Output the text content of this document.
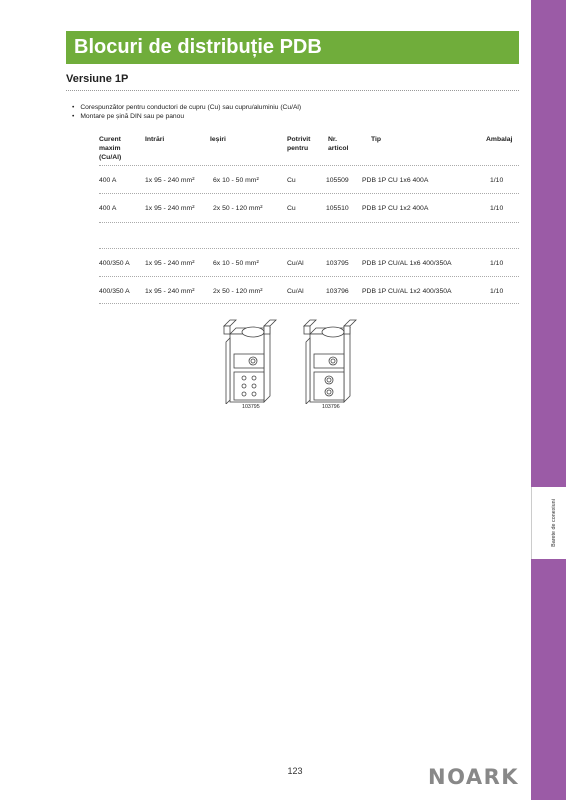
Barete de conexiuni
Blocuri de distribuție PDB
Versiune 1P
• Corespunzător pentru conductori de cupru (Cu) sau cupru/aluminiu (Cu/Al)
• Montare pe șină DIN sau pe panou
Curent
maxim
(Cu/Al)
Intrări	Ieșiri	Potrivit
pentru
Nr.
articol
Tip	Ambalaj
400 A	1x 95 - 240 mm²	6x 10 - 50 mm²	Cu	105509 PDB 1P CU 1x6 400A	1/10
400 A	1x 95 - 240 mm²	2x 50 - 120 mm²	Cu	105510 PDB 1P CU 1x2 400A	1/10
400/350 A 1x 95 - 240 mm²	6x 10 - 50 mm²	Cu/Al	103795 PDB 1P CU/AL 1x6 400/350A	1/10
400/350 A 1x 95 - 240 mm²	2x 50 - 120 mm²	Cu/Al	103796 PDB 1P CU/AL 1x2 400/350A	1/10
103795	103796
123	NOARK
